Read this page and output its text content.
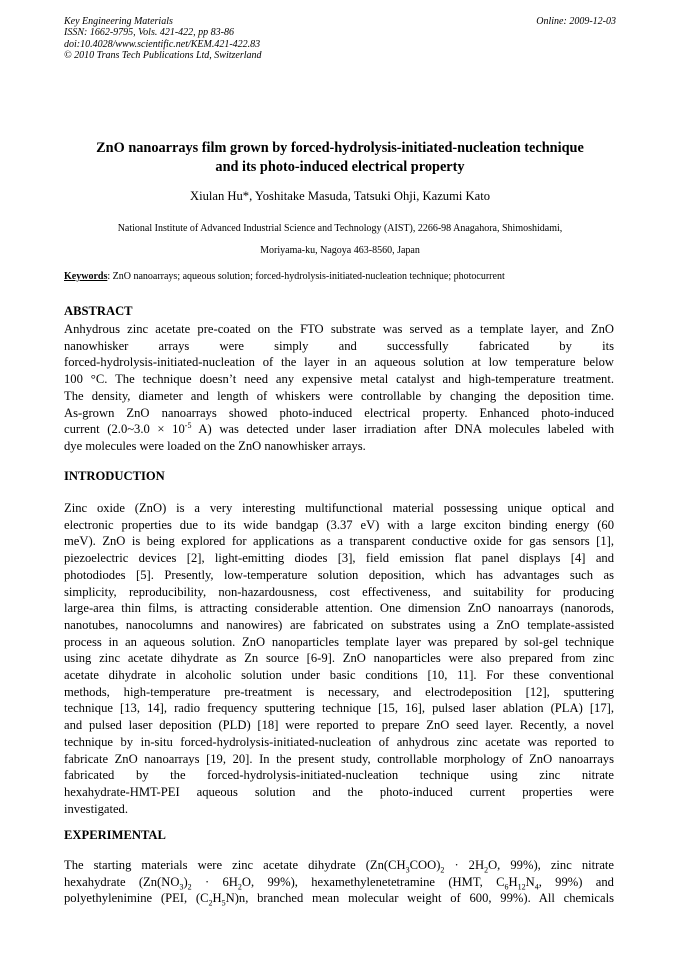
Key Engineering Materials
ISSN: 1662-9795, Vols. 421-422, pp 83-86
doi:10.4028/www.scientific.net/KEM.421-422.83
© 2010 Trans Tech Publications Ltd, Switzerland
Online: 2009-12-03
ZnO nanoarrays film grown by forced-hydrolysis-initiated-nucleation technique
and its photo-induced electrical property
Xiulan Hu*, Yoshitake Masuda, Tatsuki Ohji, Kazumi Kato
National Institute of Advanced Industrial Science and Technology (AIST), 2266-98 Anagahora, Shimoshidami,
Moriyama-ku, Nagoya 463-8560, Japan
Keywords: ZnO nanoarrays; aqueous solution; forced-hydrolysis-initiated-nucleation technique; photocurrent
ABSTRACT
Anhydrous zinc acetate pre-coated on the FTO substrate was served as a template layer, and ZnO
nanowhisker arrays were simply and successfully fabricated by its
forced-hydrolysis-initiated-nucleation of the layer in an aqueous solution at low temperature below
100 °C. The technique doesn’t need any expensive metal catalyst and high-temperature treatment.
The density, diameter and length of whiskers were controllable by changing the deposition time.
As-grown ZnO nanoarrays showed photo-induced electrical property. Enhanced photo-induced
current (2.0~3.0 × $10^{-5}$ A) was detected under laser irradiation after DNA molecules labeled with
dye molecules were loaded on the ZnO nanowhisker arrays.
INTRODUCTION
Zinc oxide (ZnO) is a very interesting multifunctional material possessing unique optical and
electronic properties due to its wide bandgap (3.37 eV) with a large exciton binding energy (60
meV). ZnO is being explored for applications as a transparent conductive oxide for gas sensors [1],
piezoelectric devices [2], light-emitting diodes [3], field emission flat panel displays [4] and
photodiodes [5]. Presently, low-temperature solution deposition, which has advantages such as
simplicity, reproducibility, non-hazardousness, cost effectiveness, and suitability for producing
large-area thin films, is attracting considerable attention. One dimension ZnO nanoarrays (nanorods,
nanotubes, nanocolumns and nanowires) are fabricated on substrates using a ZnO template-assisted
process in an aqueous solution. ZnO nanoparticles template layer was prepared by sol-gel technique
using zinc acetate dihydrate as Zn source [6-9]. ZnO nanoparticles were also prepared from zinc
acetate dihydrate in alcoholic solution under basic conditions [10, 11]. For these conventional
methods, high-temperature pre-treatment is necessary, and electrodeposition [12], sputtering
technique [13, 14], radio frequency sputtering technique [15, 16], pulsed laser ablation (PLA) [17],
and pulsed laser deposition (PLD) [18] were reported to prepare ZnO seed layer. Recently, a novel
technique by in-situ forced-hydrolysis-initiated-nucleation of anhydrous zinc acetate was reported to
fabricate ZnO nanoarrays [19, 20]. In the present study, controllable morphology of ZnO nanoarrays
fabricated by the forced-hydrolysis-initiated-nucleation technique using zinc nitrate
hexahydrate-HMT-PEI aqueous solution and the photo-induced current properties were
investigated.
EXPERIMENTAL
The starting materials were zinc acetate dihydrate ($Zn(CH_3COO)_2 \cdot 2H_2O$, 99%), zinc nitrate
hexahydrate ($Zn(NO_3)_2 \cdot 6H_2O$, 99%), hexamethylenetetramine (HMT, $C_6H_{12}N_4$, 99%) and
polyethylenimine (PEI, $(C_2H_5N)n$, branched mean molecular weight of 600, 99%). All chemicals
